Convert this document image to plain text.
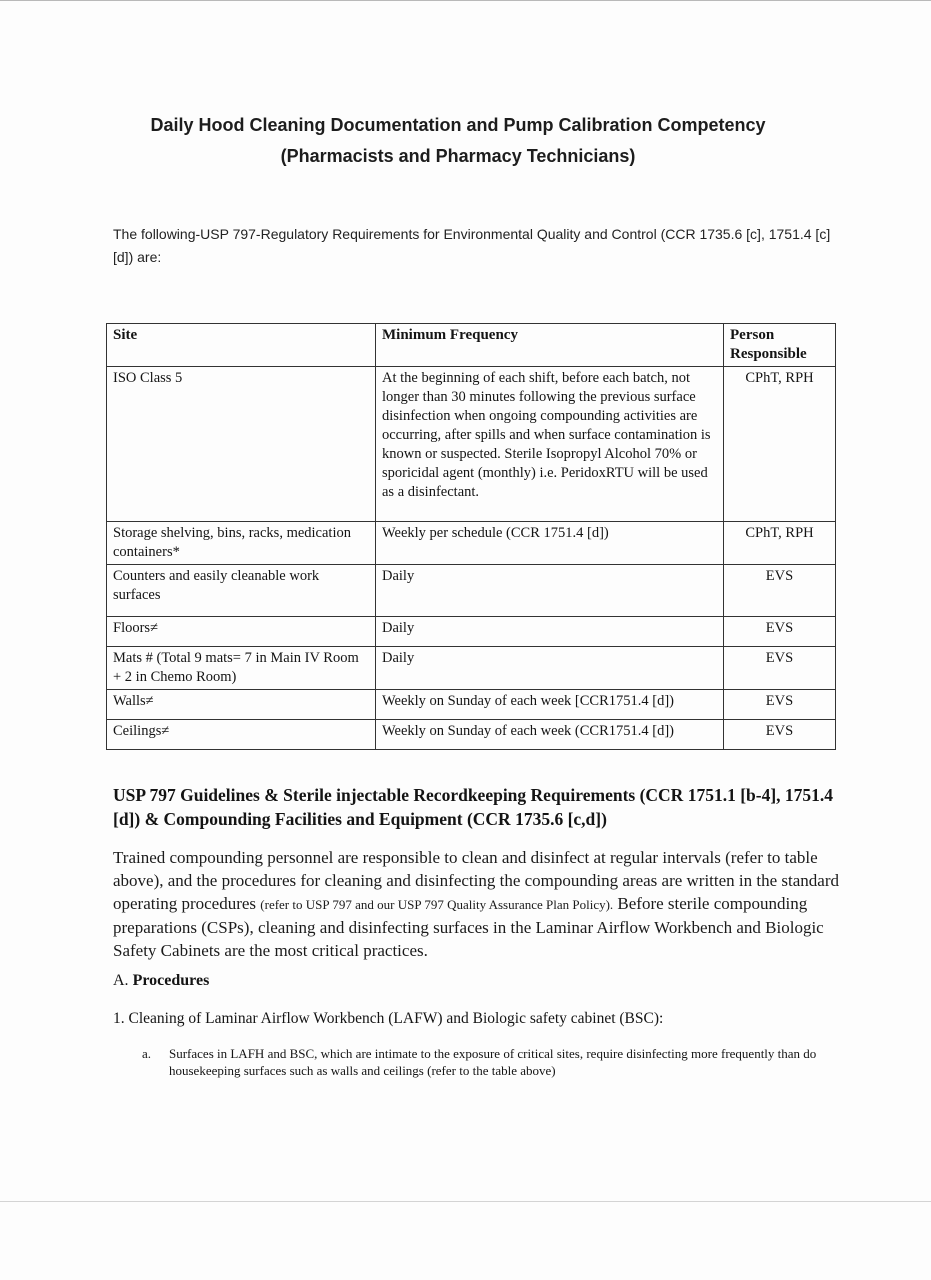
Daily Hood Cleaning Documentation and Pump Calibration Competency
(Pharmacists and Pharmacy Technicians)
The following-USP 797-Regulatory Requirements for Environmental Quality and Control (CCR 1735.6 [c], 1751.4 [c] [d]) are:
Site	Minimum Frequency	Person Responsible
ISO Class 5	At the beginning of each shift, before each batch, not longer than 30 minutes following the previous surface disinfection when ongoing compounding activities are occurring, after spills and when surface contamination is known or suspected. Sterile Isopropyl Alcohol 70% or sporicidal agent (monthly) i.e. PeridoxRTU will be used as a disinfectant.	CPhT, RPH
Storage shelving, bins, racks, medication containers*	Weekly per schedule (CCR 1751.4 [d])	CPhT, RPH
Counters and easily cleanable work surfaces	Daily	EVS
Floors≠	Daily	EVS
Mats # (Total 9 mats= 7 in Main IV Room + 2 in Chemo Room)	Daily	EVS
Walls≠	Weekly on Sunday of each week [CCR1751.4 [d])	EVS
Ceilings≠	Weekly on Sunday of each week (CCR1751.4 [d])	EVS
USP 797 Guidelines & Sterile injectable Recordkeeping Requirements (CCR 1751.1 [b-4], 1751.4 [d]) & Compounding Facilities and Equipment (CCR 1735.6 [c,d])
Trained compounding personnel are responsible to clean and disinfect at regular intervals (refer to table above), and the procedures for cleaning and disinfecting the compounding areas are written in the standard operating procedures (refer to USP 797 and our USP 797 Quality Assurance Plan Policy). Before sterile compounding preparations (CSPs), cleaning and disinfecting surfaces in the Laminar Airflow Workbench and Biologic Safety Cabinets are the most critical practices.
A. Procedures
1. Cleaning of Laminar Airflow Workbench (LAFW) and Biologic safety cabinet (BSC):
a. Surfaces in LAFH and BSC, which are intimate to the exposure of critical sites, require disinfecting more frequently than do housekeeping surfaces such as walls and ceilings (refer to the table above)
